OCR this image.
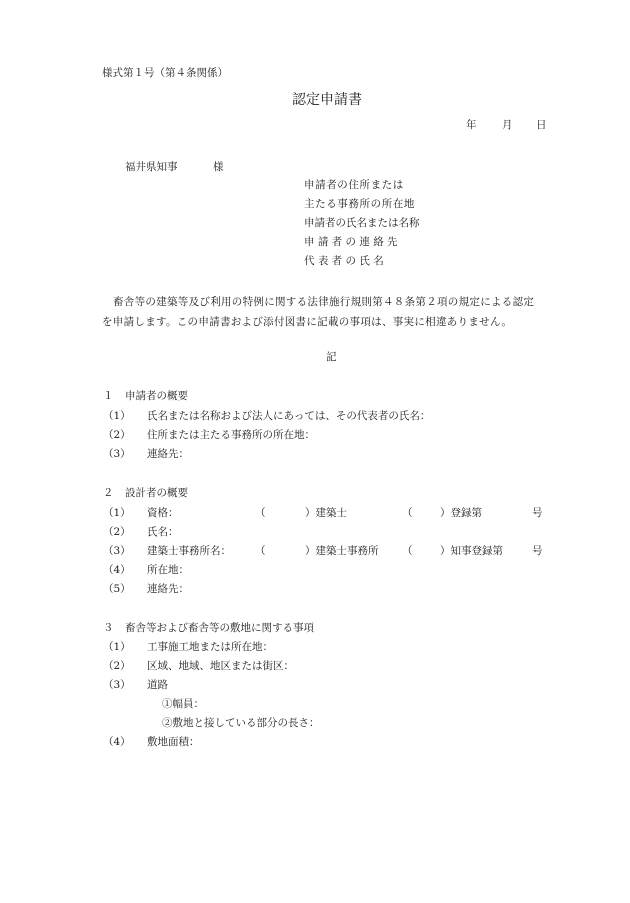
様式第１号（第４条関係）
認定申請書
年 月 日
福井県知事	様
申請者の住所または
主たる事務所の所在地
申請者の氏名または名称
申 請 者 の 連 絡 先
代 表 者 の 氏 名
畜舎等の建築等及び利用の特例に関する法律施行規則第４８条第２項の規定による認定
を申請します。この申請書および添付図書に記載の事項は、事実に相違ありません。
記
１ 申請者の概要
（1） 氏名または名称および法人にあっては、その代表者の氏名：
（2） 住所または主たる事務所の所在地：
（3） 連絡先：
２ 設計者の概要
（1） 資格：	（	）建築士	（	）登録第	号
（2） 氏名：
（3） 建築士事務所名： （	）建築士事務所 （	）知事登録第	号
（4） 所在地：
（5） 連絡先：
３ 畜舎等および畜舎等の敷地に関する事項
（1） 工事施工地または所在地：
（2） 区域、地域、地区または街区：
（3） 道路
①幅員：
②敷地と接している部分の長さ：
（4） 敷地面積：
